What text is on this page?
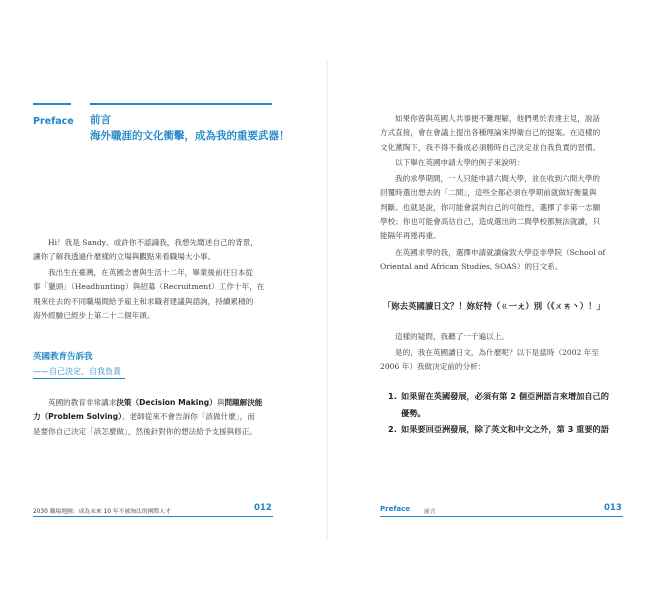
Preface 前言
海外職涯的文化衝擊，成為我的重要武器！
Hi！我是 Sandy。或許你不認識我，我想先聞述自己的背景，
讓你了解我透過什麼樣的立場與觀點來看職場大小事。
我出生在臺灣，在英國念書與生活十二年，畢業後前往日本從
事「獵頭」（Headhunting）與招募（Recruitment）工作十年，在
飛來往去的不同職場間給予雇主和求職者建議與諮詢，持續累積的
海外經驗已經步上第二十二個年頭。
英國教育告訴我
——自己決定、自我負責
英國的教育非常講求決策（Decision Making）與問題解決能
力（Problem Solving）。老師從來不會告訴你「該做什麼」，而
是要你自己決定「該怎麼做」，然後針對你的想法給予支援與修正。
2030 職場地圖：成為未來 10 年不被淘汰的國際人才	012
如果你曾與英國人共事便不難理解，他們勇於表達主見，說話
方式直接，會在會議上提出各種理論來捍衛自己的提案。在這樣的
文化薰陶下，我不得不養成必須勝時自己決定並自我負責的習慣。
以下舉在英國申請大學的例子來說明：
我的求學期間，一人只能申請六間大學，並在收到六間大學的
回覆時選出想去的「二間」，這些全都必須在學期前就做好衡量與
判斷。也就是說，你可能會誤判自己的可能性，選擇了非第一志願
學校；你也可能會高估自己，造成選出的二間學校都無法就讀，只
能隔年再捲再重。
在英國求學的我，選擇申請就讀倫敦大學亞非學院（School of
Oriental and African Studies, SOAS）的日文系。
「妳去英國讀日文？！妳好特（ㄍ一ㄤ）別（《ㄨㄞ丶）！」
這樣的疑問，我聽了一千遍以上。
是的，我在英國讀日文，為什麼呢？以下是當時（2002 年至
2006 年）我做決定前的分析：
1. 如果留在英國發展，必須有第 2 個亞洲語言來增加自己的
優勢。
2. 如果要回亞洲發展，除了英文和中文之外，第 3 重要的語
Preface 前言	013
